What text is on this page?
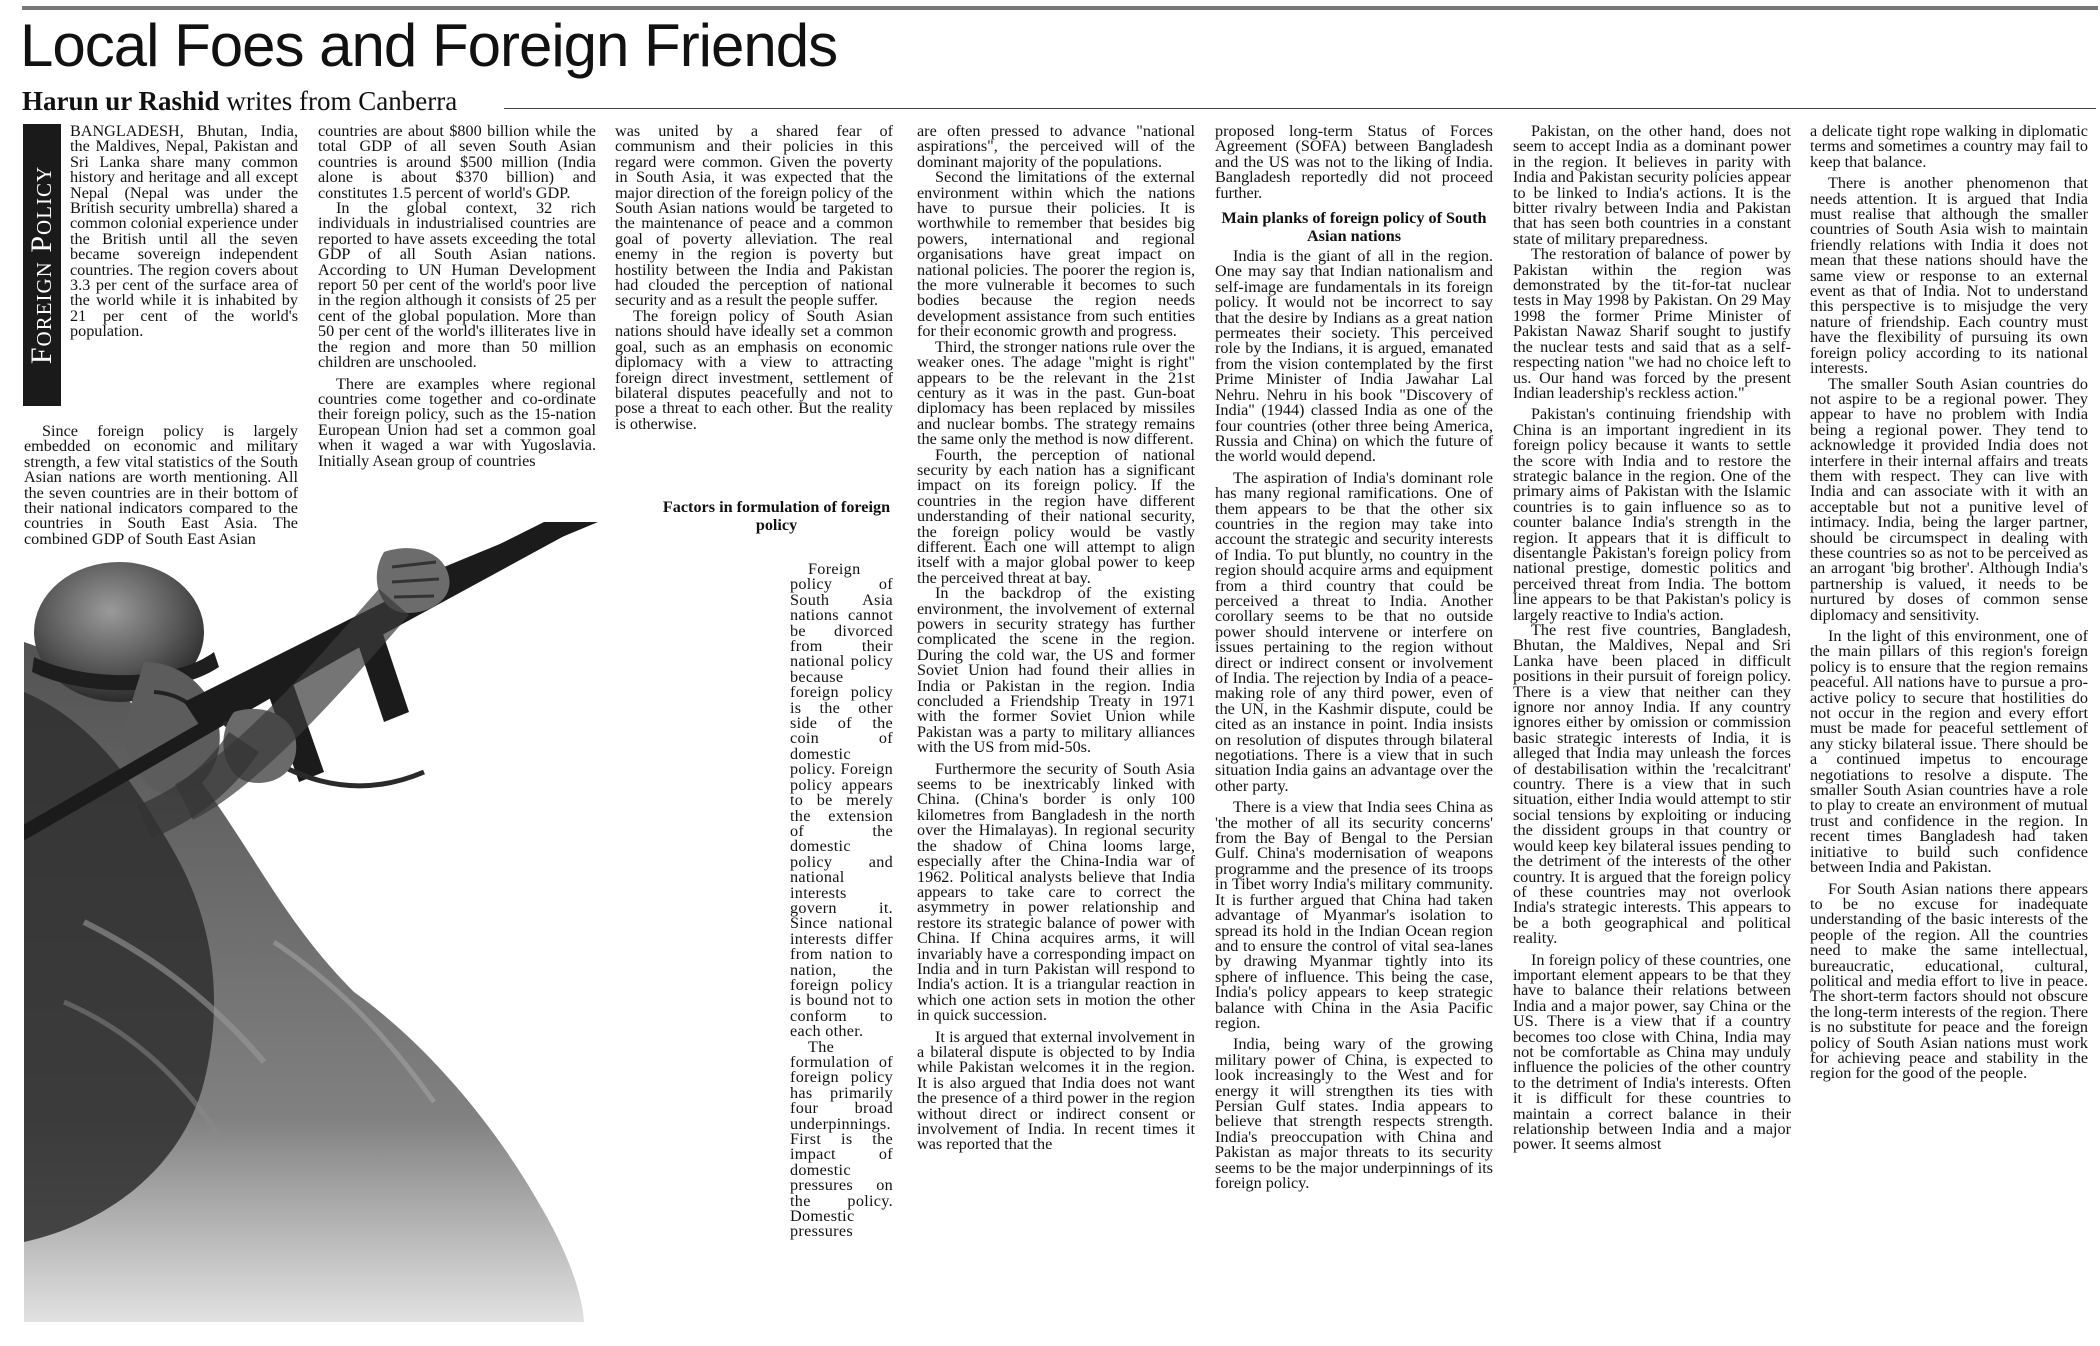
Local Foes and Foreign Friends
Harun ur Rashid writes from Canberra
Foreign Policy

BANGLADESH, Bhutan, India, the Maldives, Nepal, Pakistan and Sri Lanka share many common history and heritage and all except Nepal (Nepal was under the British security umbrella) shared a common colonial experience under the British until all the seven became sovereign independent countries. The region covers about 3.3 per cent of the surface area of the world while it is inhabited by 21 per cent of the world's population.

Since foreign policy is largely embedded on economic and military strength, a few vital statistics of the South Asian nations are worth mentioning. All the seven countries are in their bottom of their national indicators compared to the countries in South East Asia. The combined GDP of South East Asian

countries are about $800 billion while the total GDP of all seven South Asian countries is around $500 million (India alone is about $370 billion) and constitutes 1.5 percent of world's GDP.

In the global context, 32 rich individuals in industrialised countries are reported to have assets exceeding the total GDP of all South Asian nations. According to UN Human Development report 50 per cent of the world's poor live in the region although it consists of 25 per cent of the global population. More than 50 per cent of the world's illiterates live in the region and more than 50 million children are unschooled.

There are examples where regional countries come together and co-ordinate their foreign policy, such as the 15-nation European Union had set a common goal when it waged a war with Yugoslavia. Initially Asean group of countries

was united by a shared fear of communism and their policies in this regard were common. Given the poverty in South Asia, it was expected that the major direction of the foreign policy of the South Asian nations would be targeted to the maintenance of peace and a common goal of poverty alleviation. The real enemy in the region is poverty but hostility between the India and Pakistan had clouded the perception of national security and as a result the people suffer.

The foreign policy of South Asian nations should have ideally set a common goal, such as an emphasis on economic diplomacy with a view to attracting foreign direct investment, settlement of bilateral disputes peacefully and not to pose a threat to each other. But the reality is otherwise.

Factors in formulation of foreign policy

Foreign policy of South Asia nations cannot be divorced from their national policy because foreign policy is the other side of the coin of domestic policy. Foreign policy appears to be merely the extension of the domestic policy and national interests govern it. Since national interests differ from nation to nation, the foreign policy is bound not to conform to each other.

The formulation of foreign policy has primarily four broad underpinnings. First is the impact of domestic pressures on the policy. Domestic pressures

are often pressed to advance "national aspirations", the perceived will of the dominant majority of the populations.

Second the limitations of the external environment within which the nations have to pursue their policies. It is worthwhile to remember that besides big powers, international and regional organisations have great impact on national policies. The poorer the region is, the more vulnerable it becomes to such bodies because the region needs development assistance from such entities for their economic growth and progress.

Third, the stronger nations rule over the weaker ones. The adage "might is right" appears to be the relevant in the 21st century as it was in the past. Gun-boat diplomacy has been replaced by missiles and nuclear bombs. The strategy remains the same only the method is now different.

Fourth, the perception of national security by each nation has a significant impact on its foreign policy. If the countries in the region have different understanding of their national security, the foreign policy would be vastly different. Each one will attempt to align itself with a major global power to keep the perceived threat at bay.

In the backdrop of the existing environment, the involvement of external powers in security strategy has further complicated the scene in the region. During the cold war, the US and former Soviet Union had found their allies in India or Pakistan in the region. India concluded a Friendship Treaty in 1971 with the former Soviet Union while Pakistan was a party to military alliances with the US from mid-50s.

Furthermore the security of South Asia seems to be inextricably linked with China. (China's border is only 100 kilometres from Bangladesh in the north over the Himalayas). In regional security the shadow of China looms large, especially after the China-India war of 1962. Political analysts believe that India appears to take care to correct the asymmetry in power relationship and restore its strategic balance of power with China. If China acquires arms, it will invariably have a corresponding impact on India and in turn Pakistan will respond to India's action. It is a triangular reaction in which one action sets in motion the other in quick succession.

It is argued that external involvement in a bilateral dispute is objected to by India while Pakistan welcomes it in the region. It is also argued that India does not want the presence of a third power in the region without direct or indirect consent or involvement of India. In recent times it was reported that the

proposed long-term Status of Forces Agreement (SOFA) between Bangladesh and the US was not to the liking of India. Bangladesh reportedly did not proceed further.

Main planks of foreign policy of South Asian nations

India is the giant of all in the region. One may say that Indian nationalism and self-image are fundamentals in its foreign policy. It would not be incorrect to say that the desire by Indians as a great nation permeates their society. This perceived role by the Indians, it is argued, emanated from the vision contemplated by the first Prime Minister of India Jawahar Lal Nehru. Nehru in his book "Discovery of India" (1944) classed India as one of the four countries (other three being America, Russia and China) on which the future of the world would depend.

The aspiration of India's dominant role has many regional ramifications. One of them appears to be that the other six countries in the region may take into account the strategic and security interests of India. To put bluntly, no country in the region should acquire arms and equipment from a third country that could be perceived a threat to India. Another corollary seems to be that no outside power should intervene or interfere on issues pertaining to the region without direct or indirect consent or involvement of India. The rejection by India of a peace-making role of any third power, even of the UN, in the Kashmir dispute, could be cited as an instance in point. India insists on resolution of disputes through bilateral negotiations. There is a view that in such situation India gains an advantage over the other party.

There is a view that India sees China as 'the mother of all its security concerns' from the Bay of Bengal to the Persian Gulf. China's modernisation of weapons programme and the presence of its troops in Tibet worry India's military community. It is further argued that China had taken advantage of Myanmar's isolation to spread its hold in the Indian Ocean region and to ensure the control of vital sea-lanes by drawing Myanmar tightly into its sphere of influence. This being the case, India's policy appears to keep strategic balance with China in the Asia Pacific region.

India, being wary of the growing military power of China, is expected to look increasingly to the West and for energy it will strengthen its ties with Persian Gulf states. India appears to believe that strength respects strength. India's preoccupation with China and Pakistan as major threats to its security seems to be the major underpinnings of its foreign policy.

Pakistan, on the other hand, does not seem to accept India as a dominant power in the region. It believes in parity with India and Pakistan security policies appear to be linked to India's actions. It is the bitter rivalry between India and Pakistan that has seen both countries in a constant state of military preparedness.

The restoration of balance of power by Pakistan within the region was demonstrated by the tit-for-tat nuclear tests in May 1998 by Pakistan. On 29 May 1998 the former Prime Minister of Pakistan Nawaz Sharif sought to justify the nuclear tests and said that as a self-respecting nation "we had no choice left to us. Our hand was forced by the present Indian leadership's reckless action."

Pakistan's continuing friendship with China is an important ingredient in its foreign policy because it wants to settle the score with India and to restore the strategic balance in the region. One of the primary aims of Pakistan with the Islamic countries is to gain influence so as to counter balance India's strength in the region. It appears that it is difficult to disentangle Pakistan's foreign policy from national prestige, domestic politics and perceived threat from India. The bottom line appears to be that Pakistan's policy is largely reactive to India's action.

The rest five countries, Bangladesh, Bhutan, the Maldives, Nepal and Sri Lanka have been placed in difficult positions in their pursuit of foreign policy. There is a view that neither can they ignore nor annoy India. If any country ignores either by omission or commission basic strategic interests of India, it is alleged that India may unleash the forces of destabilisation within the 'recalcitrant' country. There is a view that in such situation, either India would attempt to stir social tensions by exploiting or inducing the dissident groups in that country or would keep key bilateral issues pending to the detriment of the interests of the other country. It is argued that the foreign policy of these countries may not overlook India's strategic interests. This appears to be a both geographical and political reality.

In foreign policy of these countries, one important element appears to be that they have to balance their relations between India and a major power, say China or the US. There is a view that if a country becomes too close with China, India may not be comfortable as China may unduly influence the policies of the other country to the detriment of India's interests. Often it is difficult for these countries to maintain a correct balance in their relationship between India and a major power. It seems almost

a delicate tight rope walking in diplomatic terms and sometimes a country may fail to keep that balance.

There is another phenomenon that needs attention. It is argued that India must realise that although the smaller countries of South Asia wish to maintain friendly relations with India it does not mean that these nations should have the same view or response to an external event as that of India. Not to understand this perspective is to misjudge the very nature of friendship. Each country must have the flexibility of pursuing its own foreign policy according to its national interests.

The smaller South Asian countries do not aspire to be a regional power. They appear to have no problem with India being a regional power. They tend to acknowledge it provided India does not interfere in their internal affairs and treats them with respect. They can live with India and can associate with it with an acceptable but not a punitive level of intimacy. India, being the larger partner, should be circumspect in dealing with these countries so as not to be perceived as an arrogant 'big brother'. Although India's partnership is valued, it needs to be nurtured by doses of common sense diplomacy and sensitivity.

In the light of this environment, one of the main pillars of this region's foreign policy is to ensure that the region remains peaceful. All nations have to pursue a pro-active policy to secure that hostilities do not occur in the region and every effort must be made for peaceful settlement of any sticky bilateral issue. There should be a continued impetus to encourage negotiations to resolve a dispute. The smaller South Asian countries have a role to play to create an environment of mutual trust and confidence in the region. In recent times Bangladesh had taken initiative to build such confidence between India and Pakistan.

For South Asian nations there appears to be no excuse for inadequate understanding of the basic interests of the people of the region. All the countries need to make the same intellectual, bureaucratic, educational, cultural, political and media effort to live in peace. The short-term factors should not obscure the long-term interests of the region. There is no substitute for peace and the foreign policy of South Asian nations must work for achieving peace and stability in the region for the good of the people.
